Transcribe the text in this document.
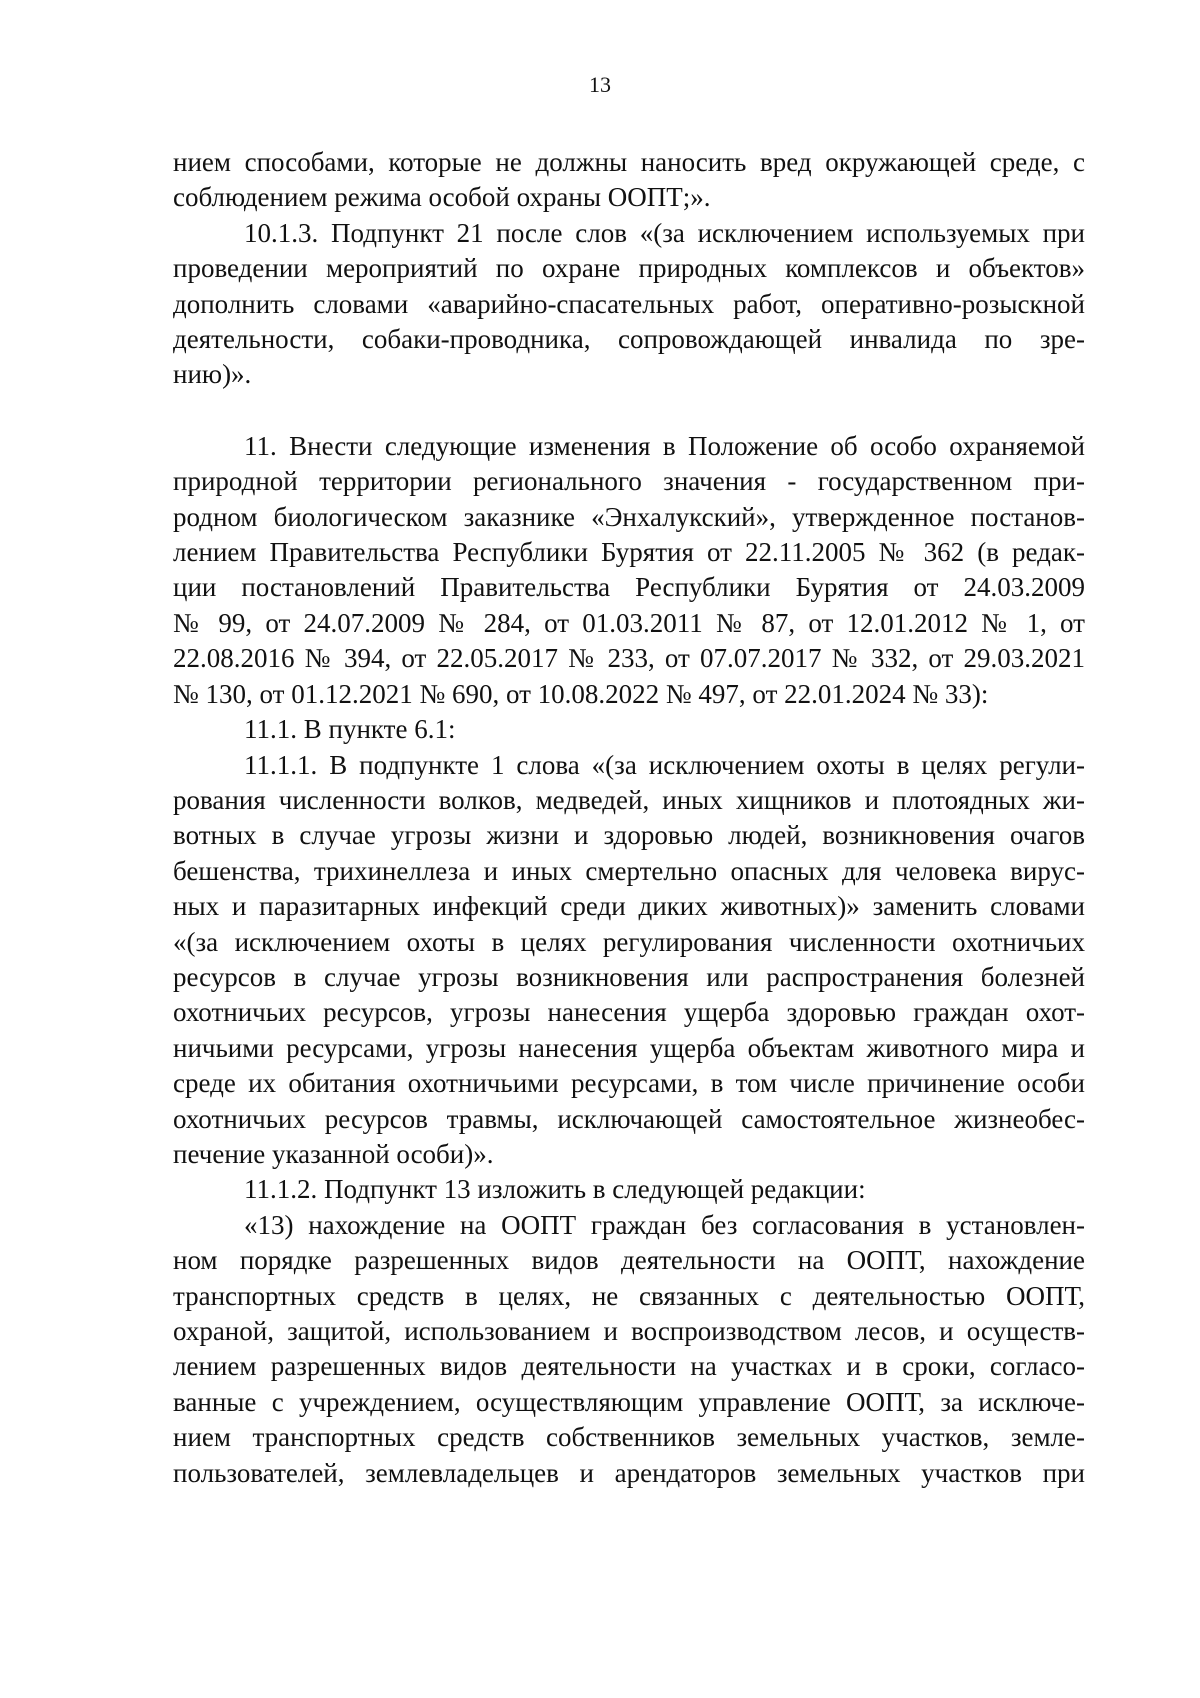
13

нием способами, которые не должны наносить вред окружающей среде, с
соблюдением режима особой охраны ООПТ;».

10.1.3. Подпункт 21 после слов «(за исключением используемых при
проведении мероприятий по охране природных комплексов и объектов»
дополнить словами «аварийно-спасательных работ, оперативно-розыскной
деятельности, собаки-проводника, сопровождающей инвалида по зре-
нию)».

11. Внести следующие изменения в Положение об особо охраняемой
природной территории регионального значения - государственном при-
родном биологическом заказнике «Энхалукский», утвержденное постанов-
лением Правительства Республики Бурятия от 22.11.2005 № 362 (в редак-
ции постановлений Правительства Республики Бурятия от 24.03.2009
№ 99, от 24.07.2009 № 284, от 01.03.2011 № 87, от 12.01.2012 № 1, от
22.08.2016 № 394, от 22.05.2017 № 233, от 07.07.2017 № 332, от 29.03.2021
№ 130, от 01.12.2021 № 690, от 10.08.2022 № 497, от 22.01.2024 № 33):

11.1. В пункте 6.1:

11.1.1. В подпункте 1 слова «(за исключением охоты в целях регули-
рования численности волков, медведей, иных хищников и плотоядных жи-
вотных в случае угрозы жизни и здоровью людей, возникновения очагов
бешенства, трихинеллеза и иных смертельно опасных для человека вирус-
ных и паразитарных инфекций среди диких животных)» заменить словами
«(за исключением охоты в целях регулирования численности охотничьих
ресурсов в случае угрозы возникновения или распространения болезней
охотничьих ресурсов, угрозы нанесения ущерба здоровью граждан охот-
ничьими ресурсами, угрозы нанесения ущерба объектам животного мира и
среде их обитания охотничьими ресурсами, в том числе причинение особи
охотничьих ресурсов травмы, исключающей самостоятельное жизнеобес-
печение указанной особи)».

11.1.2. Подпункт 13 изложить в следующей редакции:

«13) нахождение на ООПТ граждан без согласования в установлен-
ном порядке разрешенных видов деятельности на ООПТ, нахождение
транспортных средств в целях, не связанных с деятельностью ООПТ,
охраной, защитой, использованием и воспроизводством лесов, и осуществ-
лением разрешенных видов деятельности на участках и в сроки, согласо-
ванные с учреждением, осуществляющим управление ООПТ, за исключе-
нием транспортных средств собственников земельных участков, земле-
пользователей, землевладельцев и арендаторов земельных участков при
